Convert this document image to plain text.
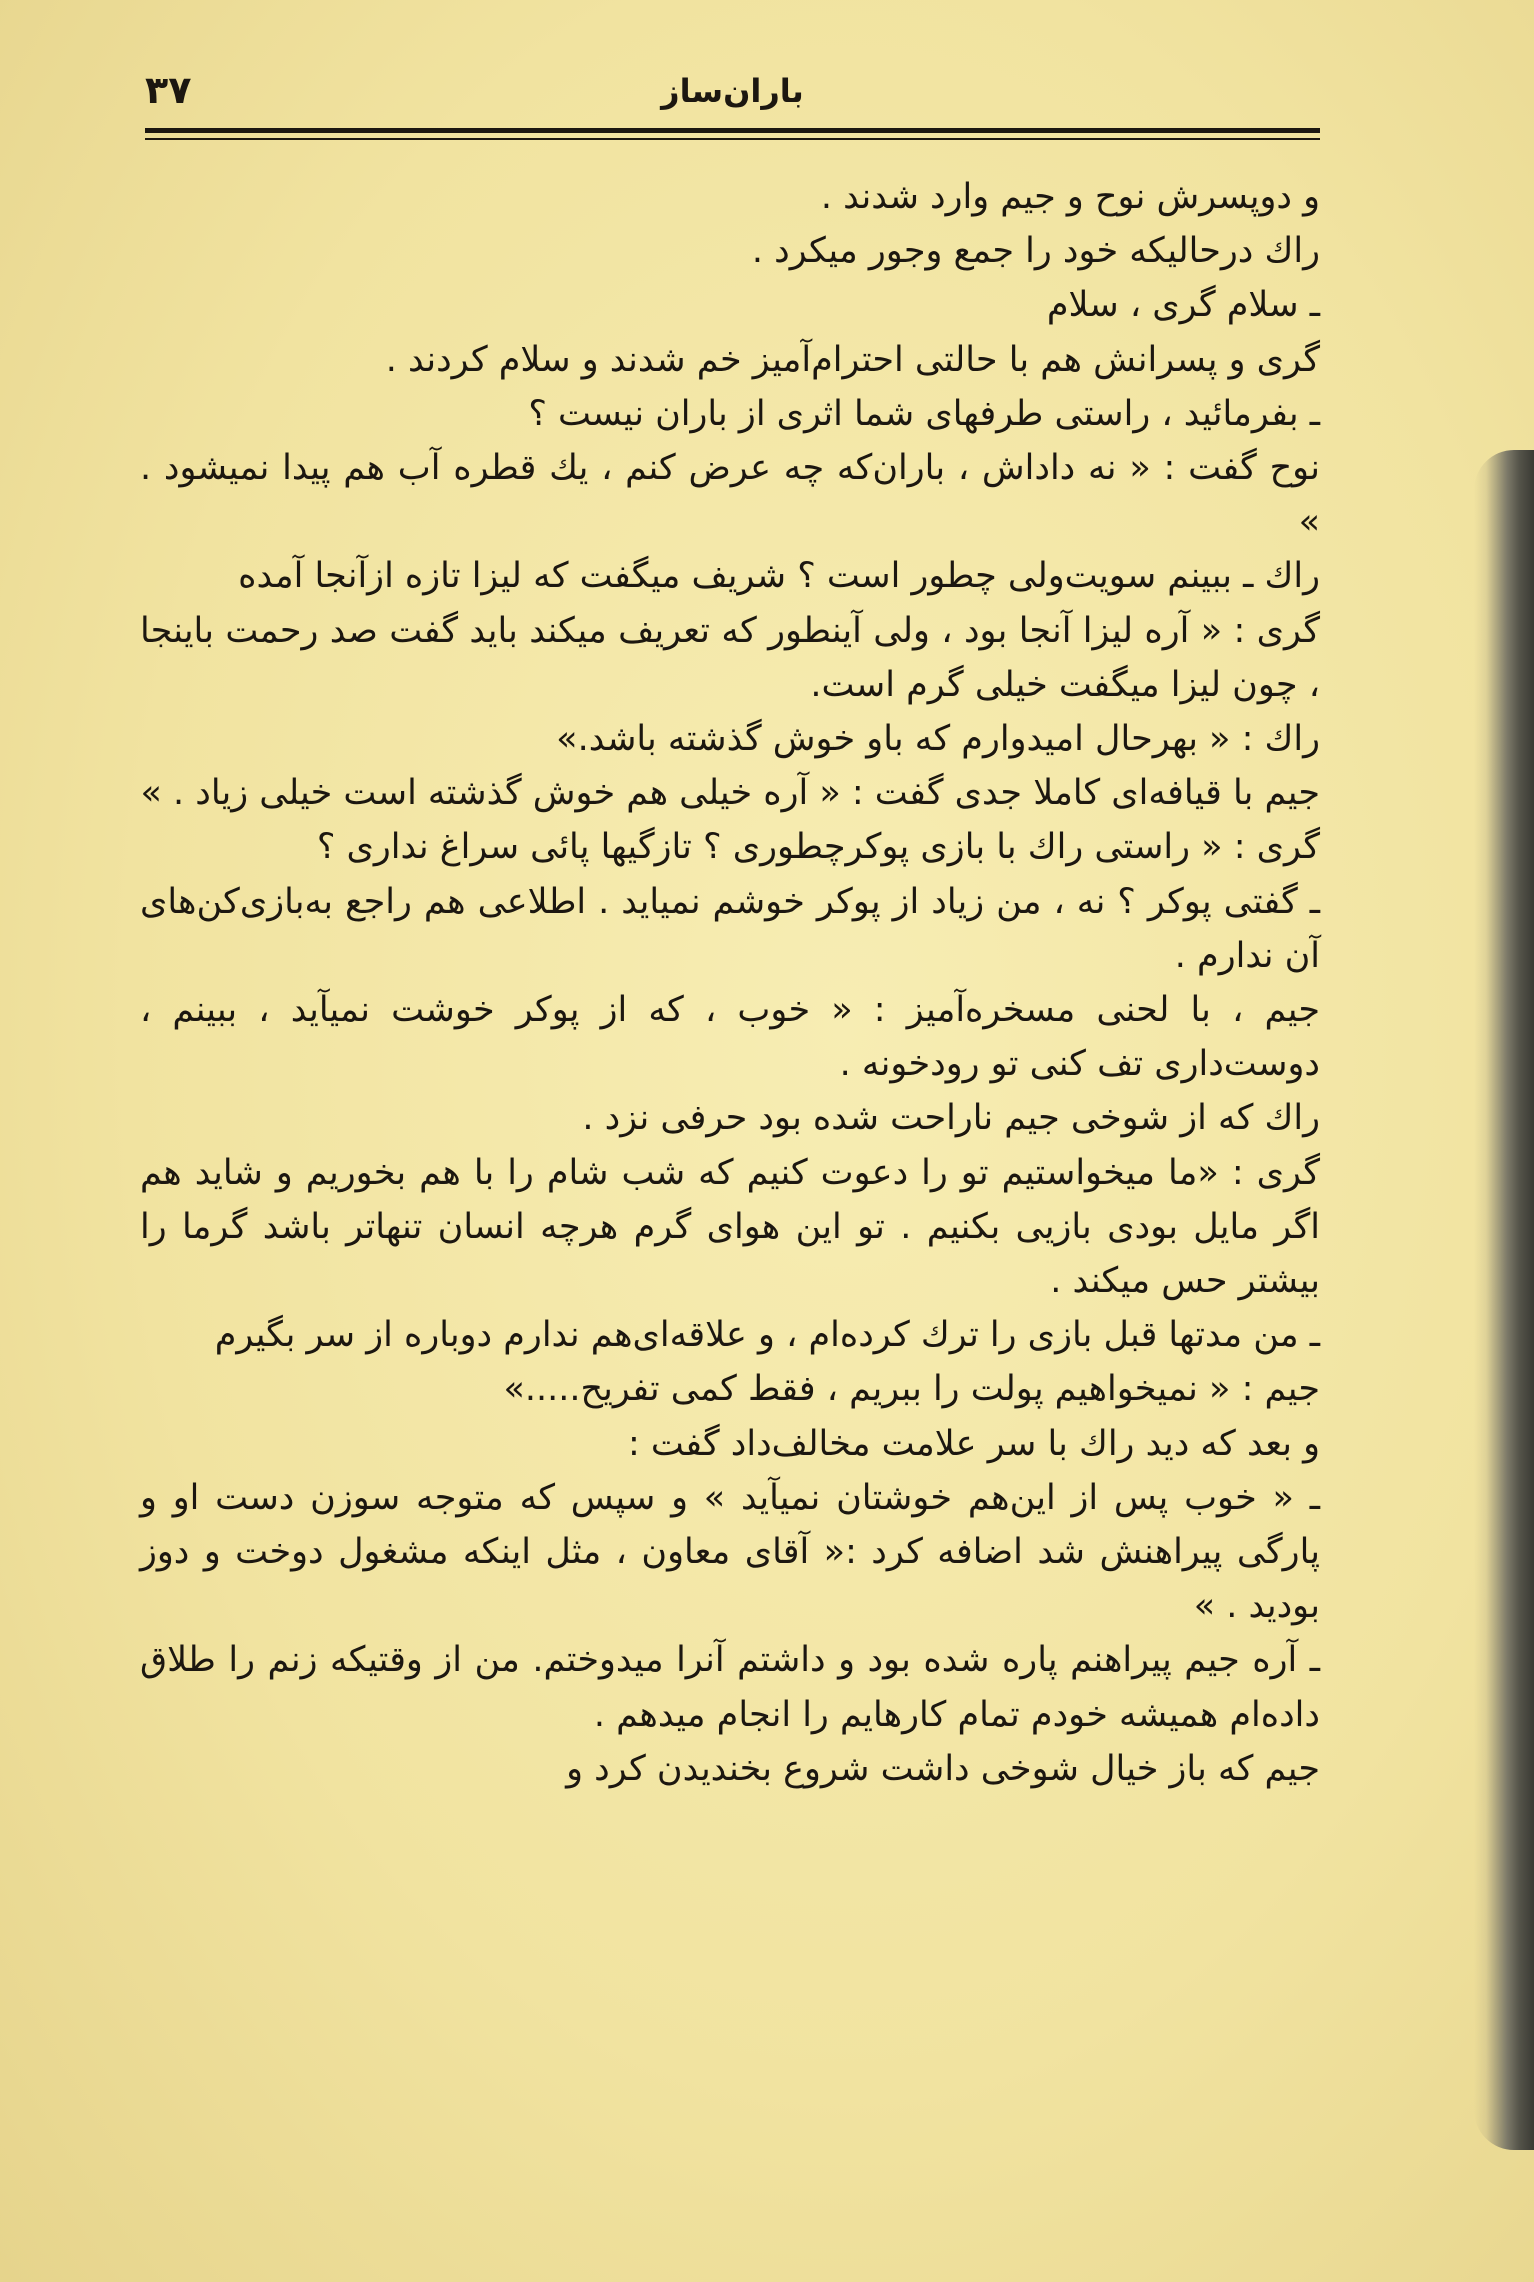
۳۷	باران‌ساز

و دوپسرش نوح و جیم وارد شدند .

راك درحالیکه خود را جمع وجور میکرد .

ـ سلام گری ، سلام

گری و پسرانش هم با حالتی احترام‌آمیز خم شدند و سلام کردند .

ـ بفرمائید ، راستی طرفهای شما اثری از باران نیست ؟

نوح گفت : « نه داداش ، باران‌که چه عرض کنم ، یك قطره آب هم پیدا نمیشود . »

راك ـ ببینم سویت‌ولی چطور است ؟ شریف میگفت که لیزا تازه ازآنجا آمده

گری : « آره لیزا آنجا بود ، ولی آینطور که تعریف میکند باید گفت صد رحمت باینجا ، چون لیزا میگفت خیلی گرم است.

راك : « بهرحال امیدوارم که باو خوش گذشته باشد.»

جیم با قیافه‌ای کاملا جدی گفت : « آره خیلی هم خوش گذشته است خیلی زیاد . »

گری : « راستی راك با بازی پوکرچطوری ؟ تازگیها پائی سراغ نداری ؟

ـ گفتی پوکر ؟ نه ، من زیاد از پوکر خوشم نمیاید . اطلاعی هم راجع به‌بازی‌کن‌های آن ندارم .

جیم ، با لحنی مسخره‌آمیز : « خوب ، که از پوکر خوشت نمیآید ، ببینم ، دوست‌داری تف کنی تو رودخونه .

راك که از شوخی جیم ناراحت شده بود حرفی نزد .

گری : «ما میخواستیم تو را دعوت کنیم که شب شام را با هم بخوریم و شاید هم اگر مایل بودی بازیی بکنیم . تو این هوای گرم هرچه انسان تنهاتر باشد گرما را بیشتر حس میکند .

ـ من مدتها قبل بازی را ترك کرده‌ام ، و علاقه‌ای‌هم ندارم دوباره از سر بگیرم

جیم : « نمیخواهیم پولت را ببریم ، فقط کمی تفریح.....»

و بعد که دید راك با سر علامت مخالف‌داد گفت :

ـ « خوب پس از این‌هم خوشتان نمیآید » و سپس که متوجه سوزن دست او و پارگی پیراهنش شد اضافه کرد :« آقای معاون ، مثل اینکه مشغول دوخت و دوز بودید . »

ـ آره جیم پیراهنم پاره شده بود و داشتم آنرا میدوختم. من از وقتیکه زنم را طلاق داده‌ام همیشه خودم تمام کارهایم را انجام میدهم .

جیم که باز خیال شوخی داشت شروع بخندیدن کرد و
